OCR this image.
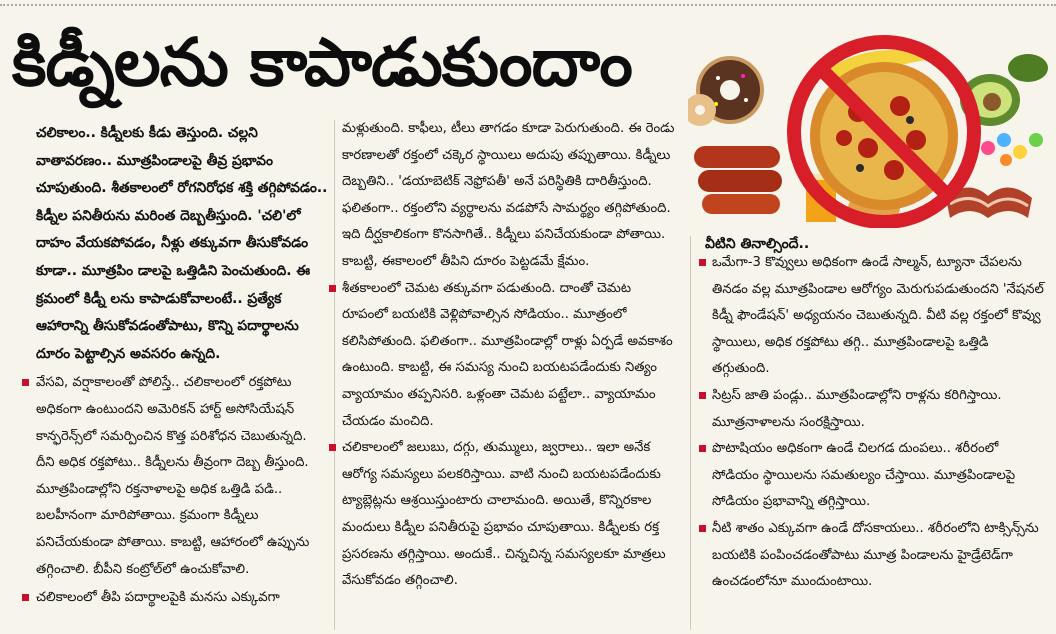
కిడ్నీలను కాపాడుకుందాం

చలికాలం.. కిడ్నీలకు కీడు తెస్తుంది. చల్లని వాతావరణం.. మూత్రపిండాలపై తీవ్ర ప్రభావం చూపుతుంది. శీతకాలంలో రోగనిరోధక శక్తి తగ్గిపోవడం.. కిడ్నీల పనితీరును మరింత దెబ్బతీస్తుంది. 'చలి'లో దాహం వేయకపోవడం, నీళ్లు తక్కువగా తీసుకోవడం కూడా.. మూత్రపిం డాలపై ఒత్తిడిని పెంచుతుంది. ఈ క్రమంలో కిడ్నీ లను కాపాడుకోవాలంటే.. ప్రత్యేక ఆహారాన్ని తీసుకోవడంతోపాటు, కొన్ని పదార్థాలను దూరం పెట్టాల్సిన అవసరం ఉన్నది.

వేసవి, వర్షాకాలంతో పోలిస్తే.. చలికాలంలో రక్తపోటు అధికంగా ఉంటుందని అమెరికన్ హార్ట్ అసోసియేషన్ కాన్ఫరెన్స్‌లో సమర్పించిన కొత్త పరిశోధన చెబుతున్నది. దీని అధిక రక్తపోటు.. కిడ్నీలను తీవ్రంగా దెబ్బ తీస్తుంది. మూత్రపిండాల్లోని రక్తనాళాలపై అధిక ఒత్తిడి పడి.. బలహీనంగా మారిపోతాయి. క్రమంగా కిడ్నీలు పనిచేయకుండా పోతాయి. కాబట్టి, ఆహారంలో ఉప్పును తగ్గించాలి. బీపీని కంట్రోల్‌లో ఉంచుకోవాలి.

చలికాలంలో తీపి పదార్థాలపైకి మనసు ఎక్కువగా

మళ్లుతుంది. కాఫీలు, టీలు తాగడం కూడా పెరుగుతుంది. ఈ రెండు కారణాలతో రక్తంలో చక్కెర స్థాయిలు అదుపు తప్పుతాయి. కిడ్నీలు దెబ్బతిని.. 'డయాబెటిక్ నెఫ్రోపతీ' అనే పరిస్థితికి దారితీస్తుంది. ఫలితంగా.. రక్తంలోని వ్యర్థాలను వడపోసే సామర్థ్యం తగ్గిపోతుంది. ఇది దీర్ఘకాలికంగా కొనసాగితే.. కిడ్నీలు పనిచేయకుండా పోతాయి. కాబట్టి, ఈకాలంలో తీపిని దూరం పెట్టడమే క్షేమం.

శీతకాలంలో చెమట తక్కువగా పడుతుంది. దాంతో చెమట రూపంలో బయటికి వెళ్లిపోవాల్సిన సోడియం.. మూత్రంలో కలిసిపోతుంది. ఫలితంగా.. మూత్రపిండాల్లో రాళ్లు ఏర్పడే అవకాశం ఉంటుంది. కాబట్టి, ఈ సమస్య నుంచి బయటపడేందుకు నిత్యం వ్యాయామం తప్పనిసరి. ఒళ్లంతా చెమట పట్టేలా.. వ్యాయామం చేయడం మంచిది.

చలికాలంలో జలుబు, దగ్గు, తుమ్ములు, జ్వరాలు.. ఇలా అనేక ఆరోగ్య సమస్యలు పలకరిస్తాయి. వాటి నుంచి బయటపడేందుకు ట్యాబ్లెట్లను ఆశ్రయిస్తుంటారు చాలామంది. అయితే, కొన్నిరకాల మందులు కిడ్నీల పనితీరుపై ప్రభావం చూపుతాయి. కిడ్నీలకు రక్త ప్రసరణను తగ్గిస్తాయి. అందుకే.. చిన్నచిన్న సమస్యలకూ మాత్రలు వేసుకోవడం తగ్గించాలి.

వీటిని తినాల్సిందే..

ఒమేగా-3 కొవ్వులు అధికంగా ఉండే సాల్మన్, ట్యూనా చేపలను తినడం వల్ల మూత్రపిండాల ఆరోగ్యం మెరుగుపడుతుందని 'నేషనల్ కిడ్నీ ఫౌండేషన్' అధ్యయనం చెబుతున్నది. వీటి వల్ల రక్తంలో కొవ్వు స్థాయిలు, అధిక రక్తపోటు తగ్గి.. మూత్రపిండాలపై ఒత్తిడి తగ్గుతుంది.

సిట్రస్ జాతి పండ్లు.. మూత్రపిండాల్లోని రాళ్లను కరిగిస్తాయి. మూత్రనాళాలను సంరక్షిస్తాయి.

పొటాషియం అధికంగా ఉండే చిలగడ దుంపలు.. శరీరంలో సోడియం స్థాయిలను సమతుల్యం చేస్తాయి. మూత్రపిండాలపై సోడియం ప్రభావాన్ని తగ్గిస్తాయి.

నీటి శాతం ఎక్కువగా ఉండే దోసకాయలు.. శరీరంలోని టాక్సిన్స్‌ను బయటికి పంపించడంతోపాటు మూత్ర పిండాలను హైడ్రేటెడ్‌గా ఉంచడంలోనూ ముందుంటాయి.
